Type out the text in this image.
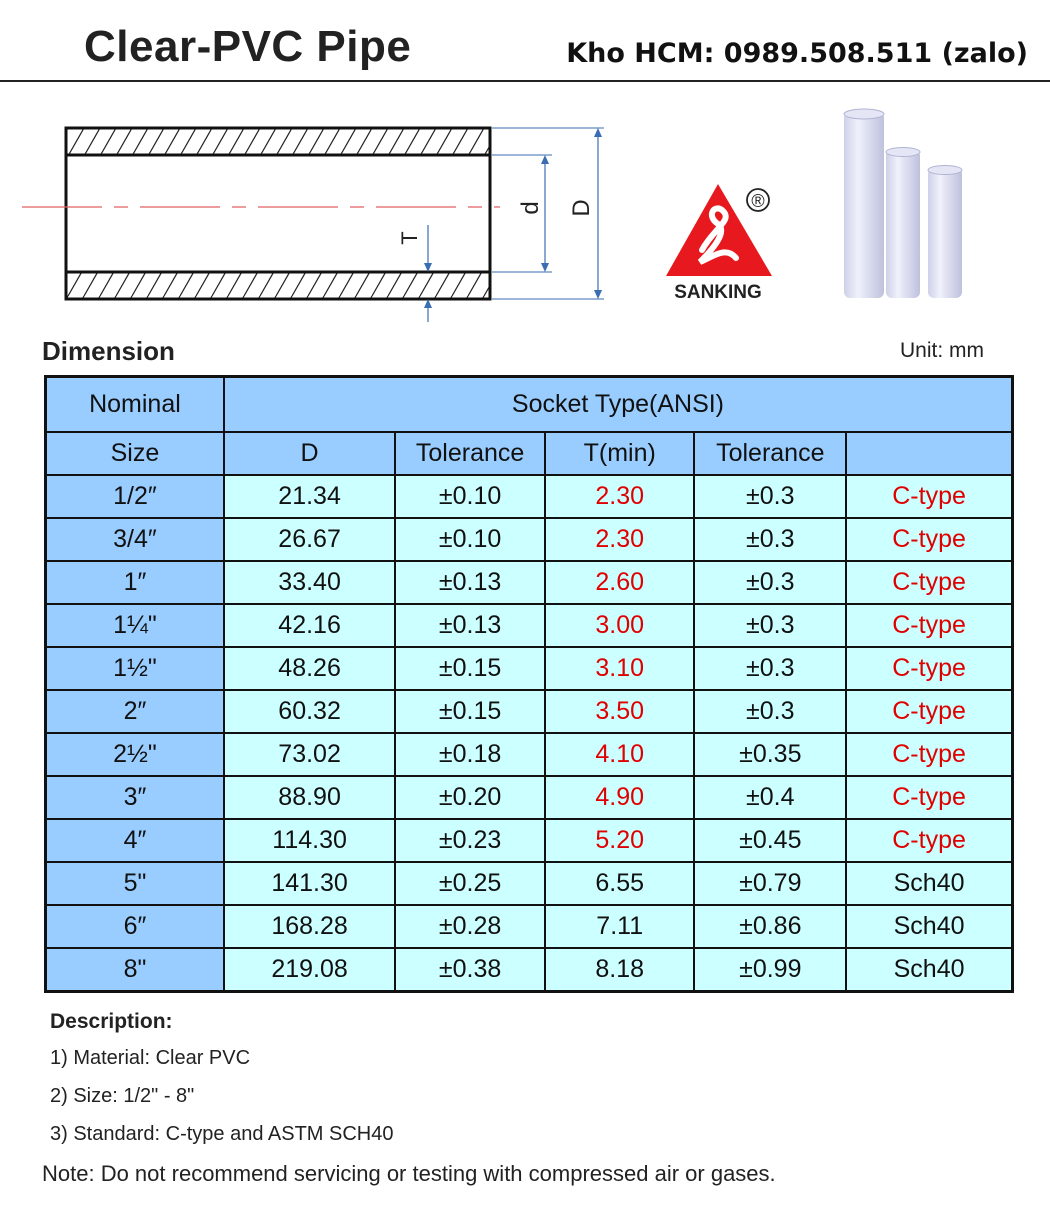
Clear-PVC Pipe	Kho HCM: 0989.508.511 (zalo)
T
d D	®
SANKING
Dimension	Unit: mm
Nominal	Socket Type(ANSI)				
Size	D	Tolerance	T(min)	Tolerance	
1/2″	21.34	±0.10	2.30	±0.3	C-type
3/4″	26.67	±0.10	2.30	±0.3	C-type
1″	33.40	±0.13	2.60	±0.3	C-type
1¼"	42.16	±0.13	3.00	±0.3	C-type
1½"	48.26	±0.15	3.10	±0.3	C-type
2″	60.32	±0.15	3.50	±0.3	C-type
2½"	73.02	±0.18	4.10	±0.35	C-type
3″	88.90	±0.20	4.90	±0.4	C-type
4″	114.30	±0.23	5.20	±0.45	C-type
5"	141.30	±0.25	6.55	±0.79	Sch40
6″	168.28	±0.28	7.11	±0.86	Sch40
8"	219.08	±0.38	8.18	±0.99	Sch40
Description:
1) Material: Clear PVC
2) Size: 1/2" - 8"
3) Standard: C-type and ASTM SCH40
Note: Do not recommend servicing or testing with compressed air or gases.
